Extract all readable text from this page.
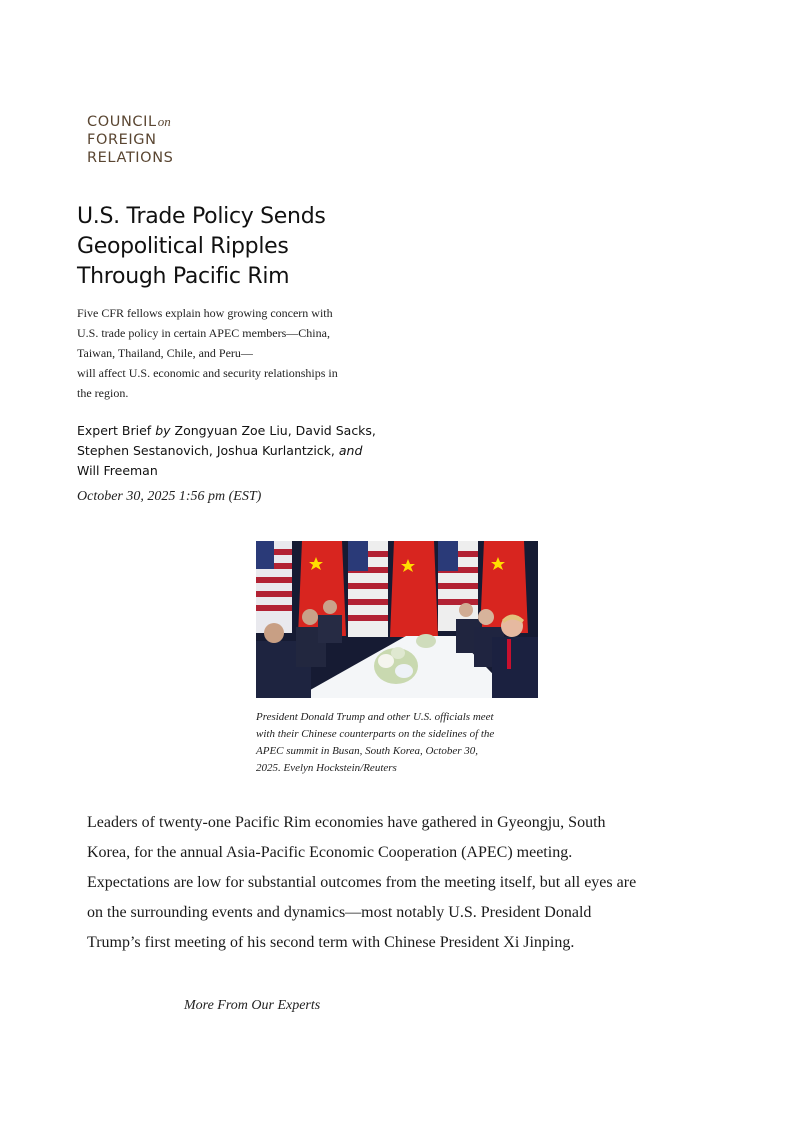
COUNCILon
FOREIGN
RELATIONS
U.S. Trade Policy Sends
Geopolitical Ripples
Through Pacific Rim
Five CFR fellows explain how growing concern with
U.S. trade policy in certain APEC members—China,
Taiwan, Thailand, Chile, and Peru—
will affect U.S. economic and security relationships in
the region.
Expert Brief by Zongyuan Zoe Liu, David Sacks,
Stephen Sestanovich, Joshua Kurlantzick, and
Will Freeman
October 30, 2025 1:56 pm (EST)
President Donald Trump and other U.S. officials meet
with their Chinese counterparts on the sidelines of the
APEC summit in Busan, South Korea, October 30,
2025. Evelyn Hockstein/Reuters
Leaders of twenty-one Pacific Rim economies have gathered in Gyeongju, South
Korea, for the annual Asia-Pacific Economic Cooperation (APEC) meeting.
Expectations are low for substantial outcomes from the meeting itself, but all eyes are
on the surrounding events and dynamics—most notably U.S. President Donald
Trump’s first meeting of his second term with Chinese President Xi Jinping.
More From Our Experts
